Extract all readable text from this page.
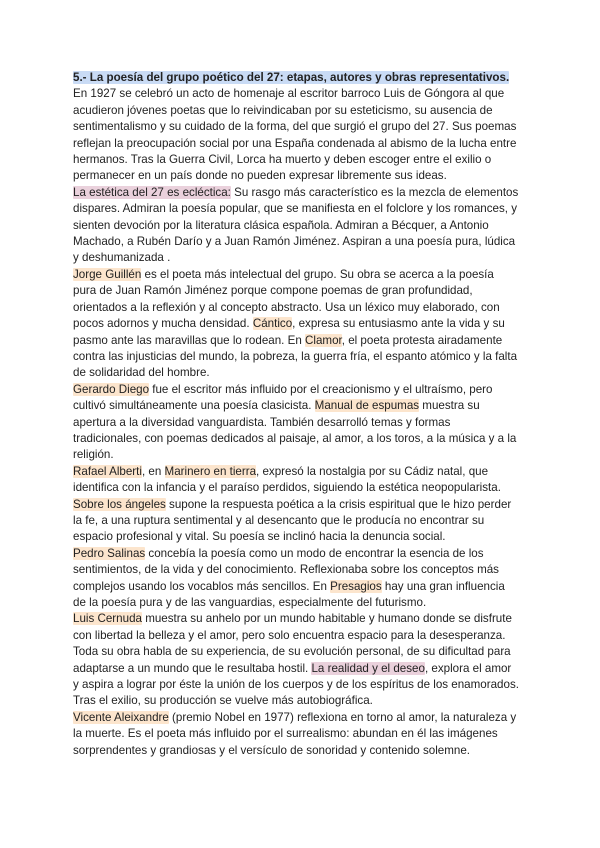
5.- La poesía del grupo poético del 27: etapas, autores y obras representativos. En 1927 se celebró un acto de homenaje al escritor barroco Luis de Góngora al que acudieron jóvenes poetas que lo reivindicaban por su esteticismo, su ausencia de sentimentalismo y su cuidado de la forma, del que surgió el grupo del 27. Sus poemas reflejan la preocupación social por una España condenada al abismo de la lucha entre hermanos. Tras la Guerra Civil, Lorca ha muerto y deben escoger entre el exilio o permanecer en un país donde no pueden expresar libremente sus ideas.

La estética del 27 es ecléctica: Su rasgo más característico es la mezcla de elementos dispares. Admiran la poesía popular, que se manifiesta en el folclore y los romances, y sienten devoción por la literatura clásica española. Admiran a Bécquer, a Antonio Machado, a Rubén Darío y a Juan Ramón Jiménez. Aspiran a una poesía pura, lúdica y deshumanizada .

Jorge Guillén es el poeta más intelectual del grupo. Su obra se acerca a la poesía pura de Juan Ramón Jiménez porque compone poemas de gran profundidad, orientados a la reflexión y al concepto abstracto. Usa un léxico muy elaborado, con pocos adornos y mucha densidad. Cántico, expresa su entusiasmo ante la vida y su pasmo ante las maravillas que lo rodean. En Clamor, el poeta protesta airadamente contra las injusticias del mundo, la pobreza, la guerra fría, el espanto atómico y la falta de solidaridad del hombre.

Gerardo Diego fue el escritor más influido por el creacionismo y el ultraísmo, pero cultivó simultáneamente una poesía clasicista. Manual de espumas muestra su apertura a la diversidad vanguardista. También desarrolló temas y formas tradicionales, con poemas dedicados al paisaje, al amor, a los toros, a la música y a la religión.

Rafael Alberti, en Marinero en tierra, expresó la nostalgia por su Cádiz natal, que identifica con la infancia y el paraíso perdidos, siguiendo la estética neopopularista. Sobre los ángeles supone la respuesta poética a la crisis espiritual que le hizo perder la fe, a una ruptura sentimental y al desencanto que le producía no encontrar su espacio profesional y vital. Su poesía se inclinó hacia la denuncia social.

Pedro Salinas concebía la poesía como un modo de encontrar la esencia de los sentimientos, de la vida y del conocimiento. Reflexionaba sobre los conceptos más complejos usando los vocablos más sencillos. En Presagios hay una gran influencia de la poesía pura y de las vanguardias, especialmente del futurismo.

Luis Cernuda muestra su anhelo por un mundo habitable y humano donde se disfrute con libertad la belleza y el amor, pero solo encuentra espacio para la desesperanza. Toda su obra habla de su experiencia, de su evolución personal, de su dificultad para adaptarse a un mundo que le resultaba hostil. La realidad y el deseo, explora el amor y aspira a lograr por éste la unión de los cuerpos y de los espíritus de los enamorados. Tras el exilio, su producción se vuelve más autobiográfica.

Vicente Aleixandre (premio Nobel en 1977) reflexiona en torno al amor, la naturaleza y la muerte. Es el poeta más influido por el surrealismo: abundan en él las imágenes sorprendentes y grandiosas y el versículo de sonoridad y contenido solemne.
